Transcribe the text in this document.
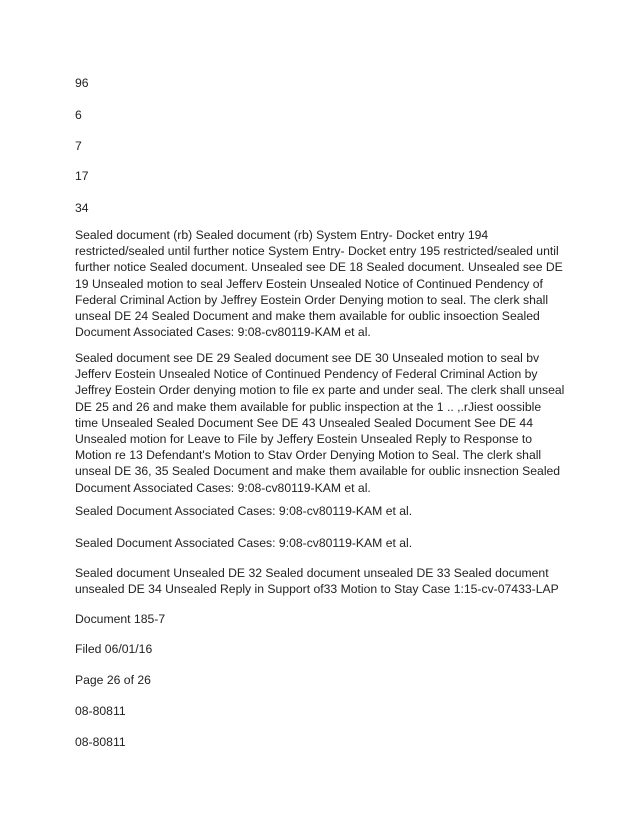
96

6

7

17

34

Sealed document (rb) Sealed document (rb) System Entry- Docket entry 194 restricted/sealed until further notice System Entry- Docket entry 195 restricted/sealed until further notice Sealed document. Unsealed see DE 18 Sealed document. Unsealed see DE 19 Unsealed motion to seal Jefferv Eostein Unsealed Notice of Continued Pendency of Federal Criminal Action by Jeffrey Eostein Order Denying motion to seal. The clerk shall unseal DE 24 Sealed Document and make them available for oublic insoection Sealed Document Associated Cases: 9:08-cv80119-KAM et al.

Sealed document see DE 29 Sealed document see DE 30 Unsealed motion to seal bv Jefferv Eostein Unsealed Notice of Continued Pendency of Federal Criminal Action by Jeffrey Eostein Order denying motion to file ex parte and under seal. The clerk shall unseal DE 25 and 26 and make them available for public inspection at the 1 .. ,.rJiest oossible time Unsealed Sealed Document See DE 43 Unsealed Sealed Document See DE 44 Unsealed motion for Leave to File by Jeffery Eostein Unsealed Reply to Response to Motion re 13 Defendant's Motion to Stav Order Denying Motion to Seal. The clerk shall unseal DE 36, 35 Sealed Document and make them available for oublic insnection Sealed Document Associated Cases: 9:08-cv80119-KAM et al.

Sealed Document Associated Cases: 9:08-cv80119-KAM et al.

Sealed Document Associated Cases: 9:08-cv80119-KAM et al.

Sealed document Unsealed DE 32 Sealed document unsealed DE 33 Sealed document unsealed DE 34 Unsealed Reply in Support of33 Motion to Stay Case 1:15-cv-07433-LAP

Document 185-7

Filed 06/01/16

Page 26 of 26

08-80811

08-80811
